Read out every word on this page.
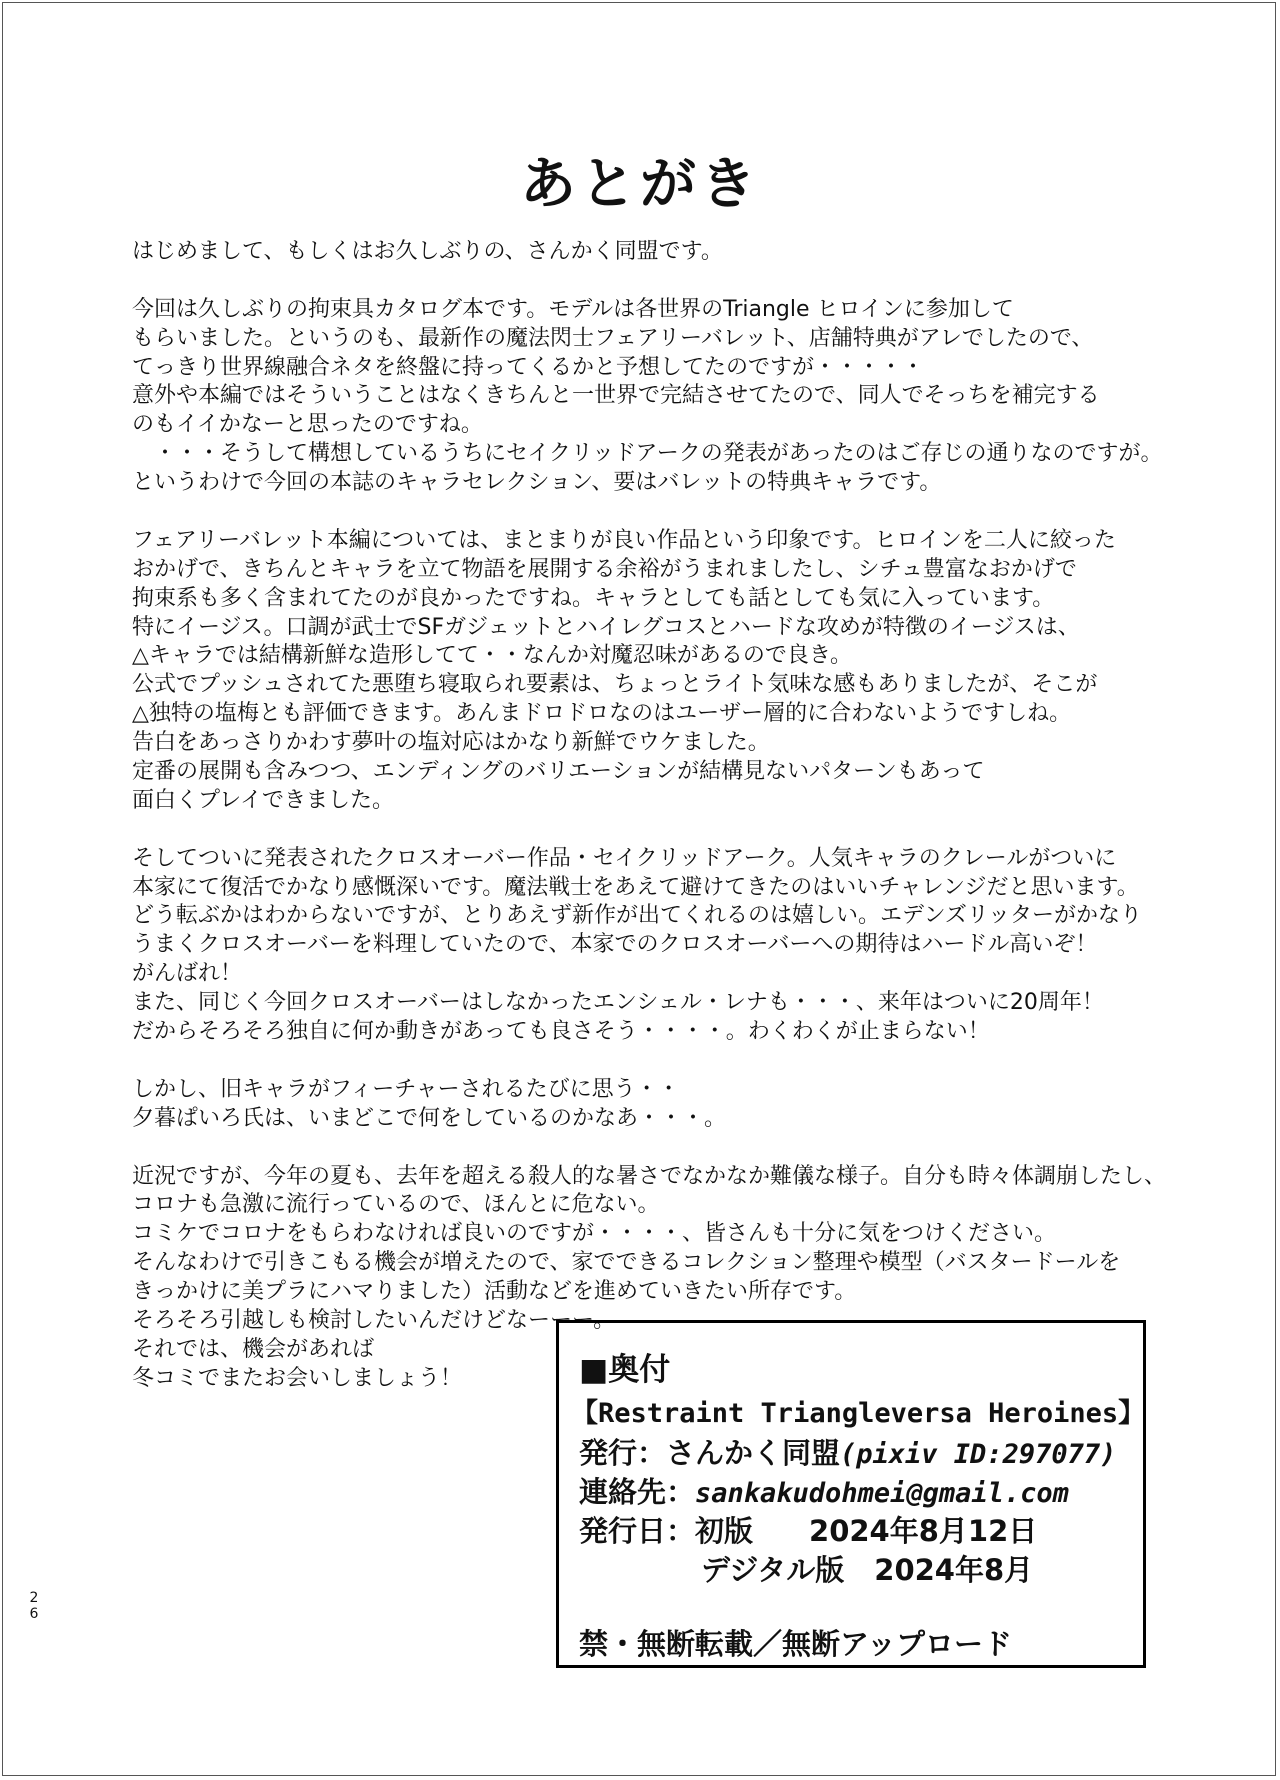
あとがき
はじめまして、もしくはお久しぶりの、さんかく同盟です。
今回は久しぶりの拘束具カタログ本です。モデルは各世界のTriangle ヒロインに参加して
もらいました。というのも、最新作の魔法閃士フェアリーバレット、店舗特典がアレでしたので、
てっきり世界線融合ネタを終盤に持ってくるかと予想してたのですが・・・・・
意外や本編ではそういうことはなくきちんと一世界で完結させてたので、同人でそっちを補完する
のもイイかなーと思ったのですね。
　・・・そうして構想しているうちにセイクリッドアークの発表があったのはご存じの通りなのですが。
というわけで今回の本誌のキャラセレクション、要はバレットの特典キャラです。
フェアリーバレット本編については、まとまりが良い作品という印象です。ヒロインを二人に絞った
おかげで、きちんとキャラを立て物語を展開する余裕がうまれましたし、シチュ豊富なおかげで
拘束系も多く含まれてたのが良かったですね。キャラとしても話としても気に入っています。
特にイージス。口調が武士でSFガジェットとハイレグコスとハードな攻めが特徴のイージスは、
△キャラでは結構新鮮な造形してて・・なんか対魔忍味があるので良き。
公式でプッシュされてた悪堕ち寝取られ要素は、ちょっとライト気味な感もありましたが、そこが
△独特の塩梅とも評価できます。あんまドロドロなのはユーザー層的に合わないようですしね。
告白をあっさりかわす夢叶の塩対応はかなり新鮮でウケました。
定番の展開も含みつつ、エンディングのバリエーションが結構見ないパターンもあって
面白くプレイできました。
そしてついに発表されたクロスオーバー作品・セイクリッドアーク。人気キャラのクレールがついに
本家にて復活でかなり感慨深いです。魔法戦士をあえて避けてきたのはいいチャレンジだと思います。
どう転ぶかはわからないですが、とりあえず新作が出てくれるのは嬉しい。エデンズリッターがかなり
うまくクロスオーバーを料理していたので、本家でのクロスオーバーへの期待はハードル高いぞ！
がんばれ！
また、同じく今回クロスオーバーはしなかったエンシェル・レナも・・・、来年はついに20周年！
だからそろそろ独自に何か動きがあっても良さそう・・・・。わくわくが止まらない！
しかし、旧キャラがフィーチャーされるたびに思う・・
夕暮ぱいろ氏は、いまどこで何をしているのかなあ・・・。
近況ですが、今年の夏も、去年を超える殺人的な暑さでなかなか難儀な様子。自分も時々体調崩したし、
コロナも急激に流行っているので、ほんとに危ない。
コミケでコロナをもらわなければ良いのですが・・・・、皆さんも十分に気をつけください。
そんなわけで引きこもる機会が増えたので、家でできるコレクション整理や模型（バスタードールを
きっかけに美プラにハマりました）活動などを進めていきたい所存です。
そろそろ引越しも検討したいんだけどなーーー。
それでは、機会があれば
冬コミでまたお会いしましょう！
26
■奥付
【Restraint Triangleversa Heroines】
発行：さんかく同盟(pixiv ID:297077)
連絡先：sankakudohmei@gmail.com
発行日：初版 2024年8月12日
デジタル版 2024年8月
禁・無断転載／無断アップロード
